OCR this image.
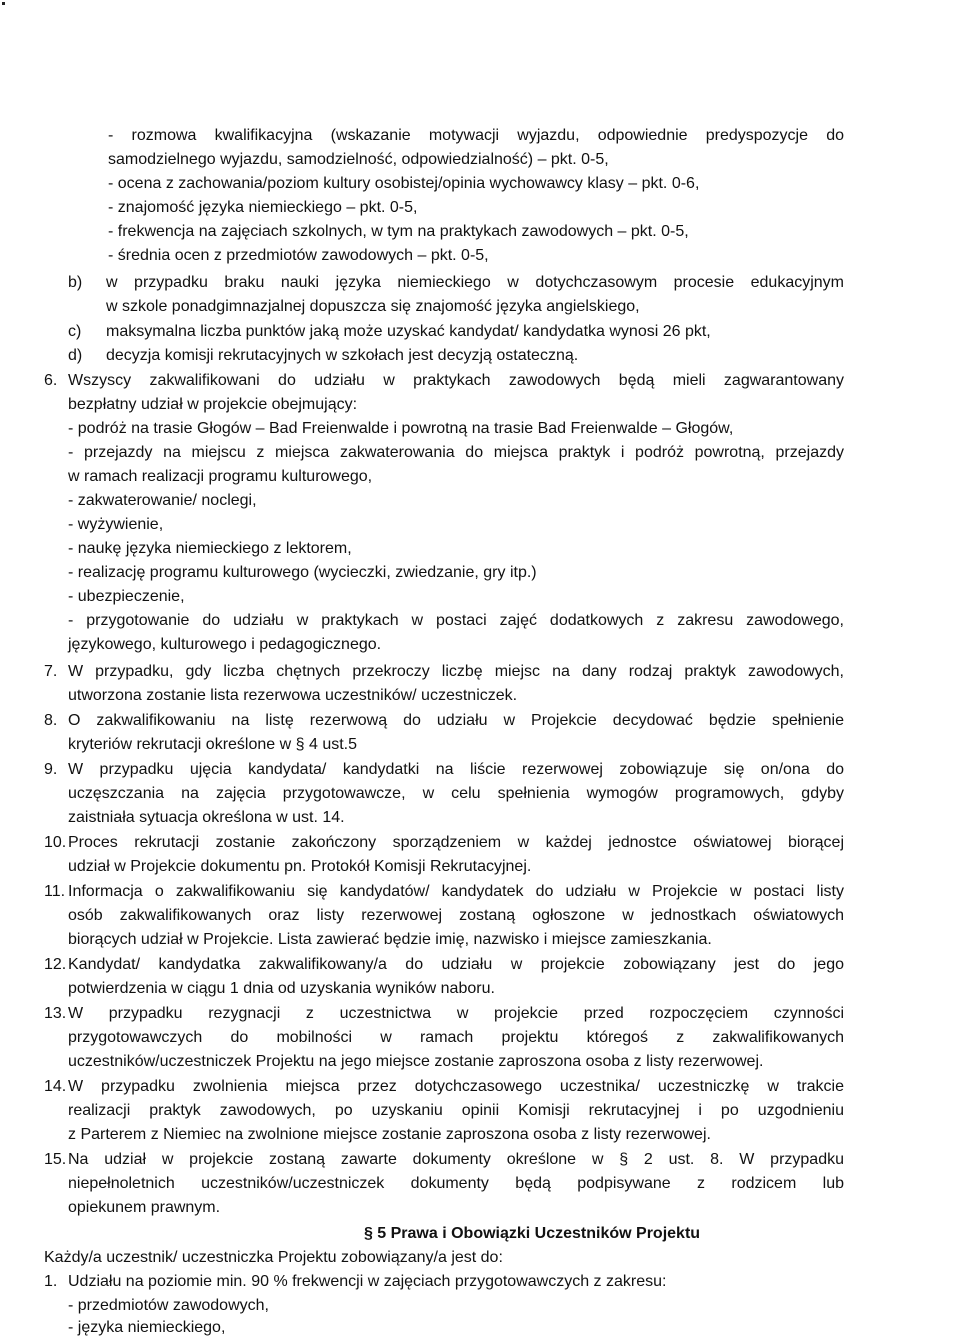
- rozmowa kwalifikacyjna (wskazanie motywacji wyjazdu, odpowiednie predyspozycje do
samodzielnego wyjazdu, samodzielność, odpowiedzialność) – pkt. 0-5,
- ocena z zachowania/poziom kultury osobistej/opinia wychowawcy klasy – pkt. 0-6,
- znajomość języka niemieckiego – pkt. 0-5,
- frekwencja na zajęciach szkolnych, w tym na praktykach zawodowych – pkt. 0-5,
- średnia ocen z przedmiotów zawodowych – pkt. 0-5,
b) w przypadku braku nauki języka niemieckiego w dotychczasowym procesie edukacyjnym
w szkole ponadgimnazjalnej dopuszcza się znajomość języka angielskiego,
c) maksymalna liczba punktów jaką może uzyskać kandydat/ kandydatka wynosi 26 pkt,
d) decyzja komisji rekrutacyjnych w szkołach jest decyzją ostateczną.
6. Wszyscy zakwalifikowani do udziału w praktykach zawodowych będą mieli zagwarantowany
bezpłatny udział w projekcie obejmujący:
- podróż na trasie Głogów – Bad Freienwalde i powrotną na trasie Bad Freienwalde – Głogów,
- przejazdy na miejscu z miejsca zakwaterowania do miejsca praktyk i podróż powrotną, przejazdy
w ramach realizacji programu kulturowego,
- zakwaterowanie/ noclegi,
- wyżywienie,
- naukę języka niemieckiego z lektorem,
- realizację programu kulturowego (wycieczki, zwiedzanie, gry itp.)
- ubezpieczenie,
- przygotowanie do udziału w praktykach w postaci zajęć dodatkowych z zakresu zawodowego,
językowego, kulturowego i pedagogicznego.
7. W przypadku, gdy liczba chętnych przekroczy liczbę miejsc na dany rodzaj praktyk zawodowych,
utworzona zostanie lista rezerwowa uczestników/ uczestniczek.
8. O zakwalifikowaniu na listę rezerwową do udziału w Projekcie decydować będzie spełnienie
kryteriów rekrutacji określone w § 4 ust.5
9. W przypadku ujęcia kandydata/ kandydatki na liście rezerwowej zobowiązuje się on/ona do
uczęszczania na zajęcia przygotowawcze, w celu spełnienia wymogów programowych, gdyby
zaistniała sytuacja określona w ust. 14.
10. Proces rekrutacji zostanie zakończony sporządzeniem w każdej jednostce oświatowej biorącej
udział w Projekcie dokumentu pn. Protokół Komisji Rekrutacyjnej.
11. Informacja o zakwalifikowaniu się kandydatów/ kandydatek do udziału w Projekcie w postaci listy
osób zakwalifikowanych oraz listy rezerwowej zostaną ogłoszone w jednostkach oświatowych
biorących udział w Projekcie. Lista zawierać będzie imię, nazwisko i miejsce zamieszkania.
12. Kandydat/ kandydatka zakwalifikowany/a do udziału w projekcie zobowiązany jest do jego
potwierdzenia w ciągu 1 dnia od uzyskania wyników naboru.
13. W przypadku rezygnacji z uczestnictwa w projekcie przed rozpoczęciem czynności
przygotowawczych do mobilności w ramach projektu któregoś z zakwalifikowanych
uczestników/uczestniczek Projektu na jego miejsce zostanie zaproszona osoba z listy rezerwowej.
14. W przypadku zwolnienia miejsca przez dotychczasowego uczestnika/ uczestniczkę w trakcie
realizacji praktyk zawodowych, po uzyskaniu opinii Komisji rekrutacyjnej i po uzgodnieniu
z Parterem z Niemiec na zwolnione miejsce zostanie zaproszona osoba z listy rezerwowej.
15. Na udział w projekcie zostaną zawarte dokumenty określone w § 2 ust. 8. W przypadku
niepełnoletnich uczestników/uczestniczek dokumenty będą podpisywane z rodzicem lub
opiekunem prawnym.
§ 5 Prawa i Obowiązki Uczestników Projektu
Każdy/a uczestnik/ uczestniczka Projektu zobowiązany/a jest do:
1. Udziału na poziomie min. 90 % frekwencji w zajęciach przygotowawczych z zakresu:
- przedmiotów zawodowych,
- języka niemieckiego,
